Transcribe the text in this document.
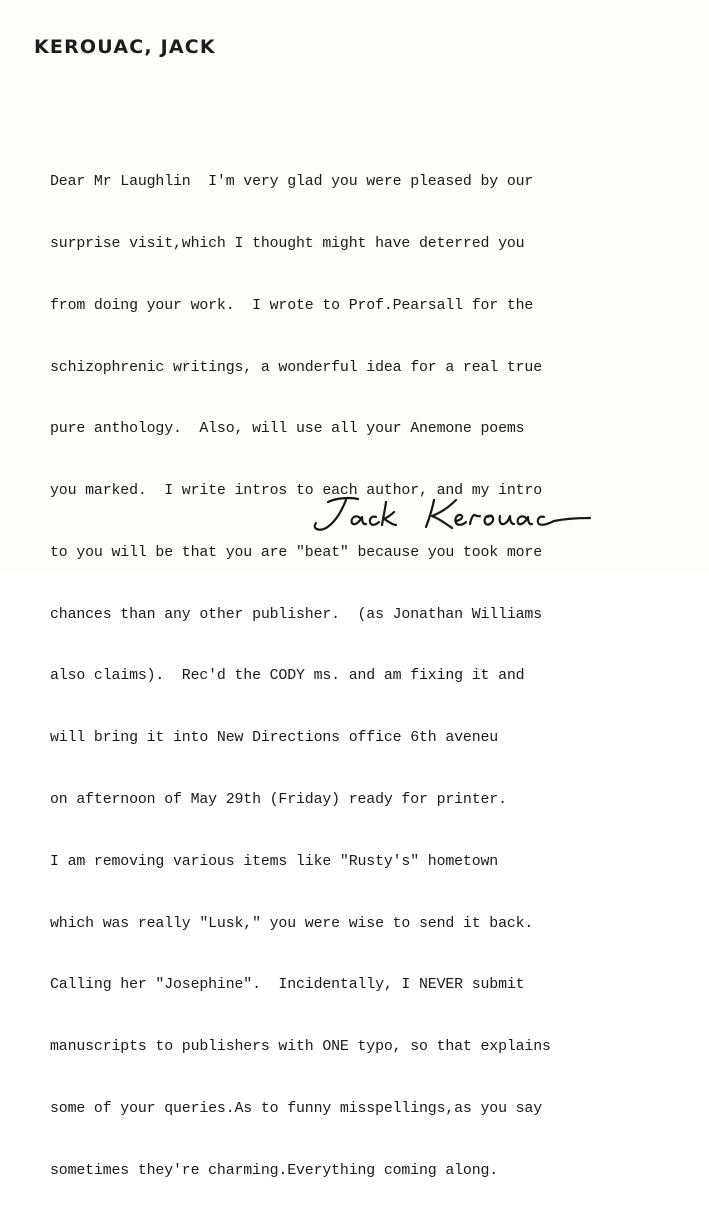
KEROUAC, JACK

Dear Mr Laughlin  I'm very glad you were pleased by our

surprise visit,which I thought might have deterred you

from doing your work.  I wrote to Prof.Pearsall for the

schizophrenic writings, a wonderful idea for a real true

pure anthology.  Also, will use all your Anemone poems

you marked.  I write intros to each author, and my intro

to you will be that you are "beat" because you took more

chances than any other publisher.  (as Jonathan Williams

also claims).  Rec'd the CODY ms. and am fixing it and

will bring it into New Directions office 6th aveneu

on afternoon of May 29th (Friday) ready for printer.

I am removing various items like "Rusty's" hometown

which was really "Lusk," you were wise to send it back.

Calling her "Josephine".  Incidentally, I NEVER submit

manuscripts to publishers with ONE typo, so that explains

some of your queries.As to funny misspellings,as you say

sometimes they're charming.Everything coming along.
